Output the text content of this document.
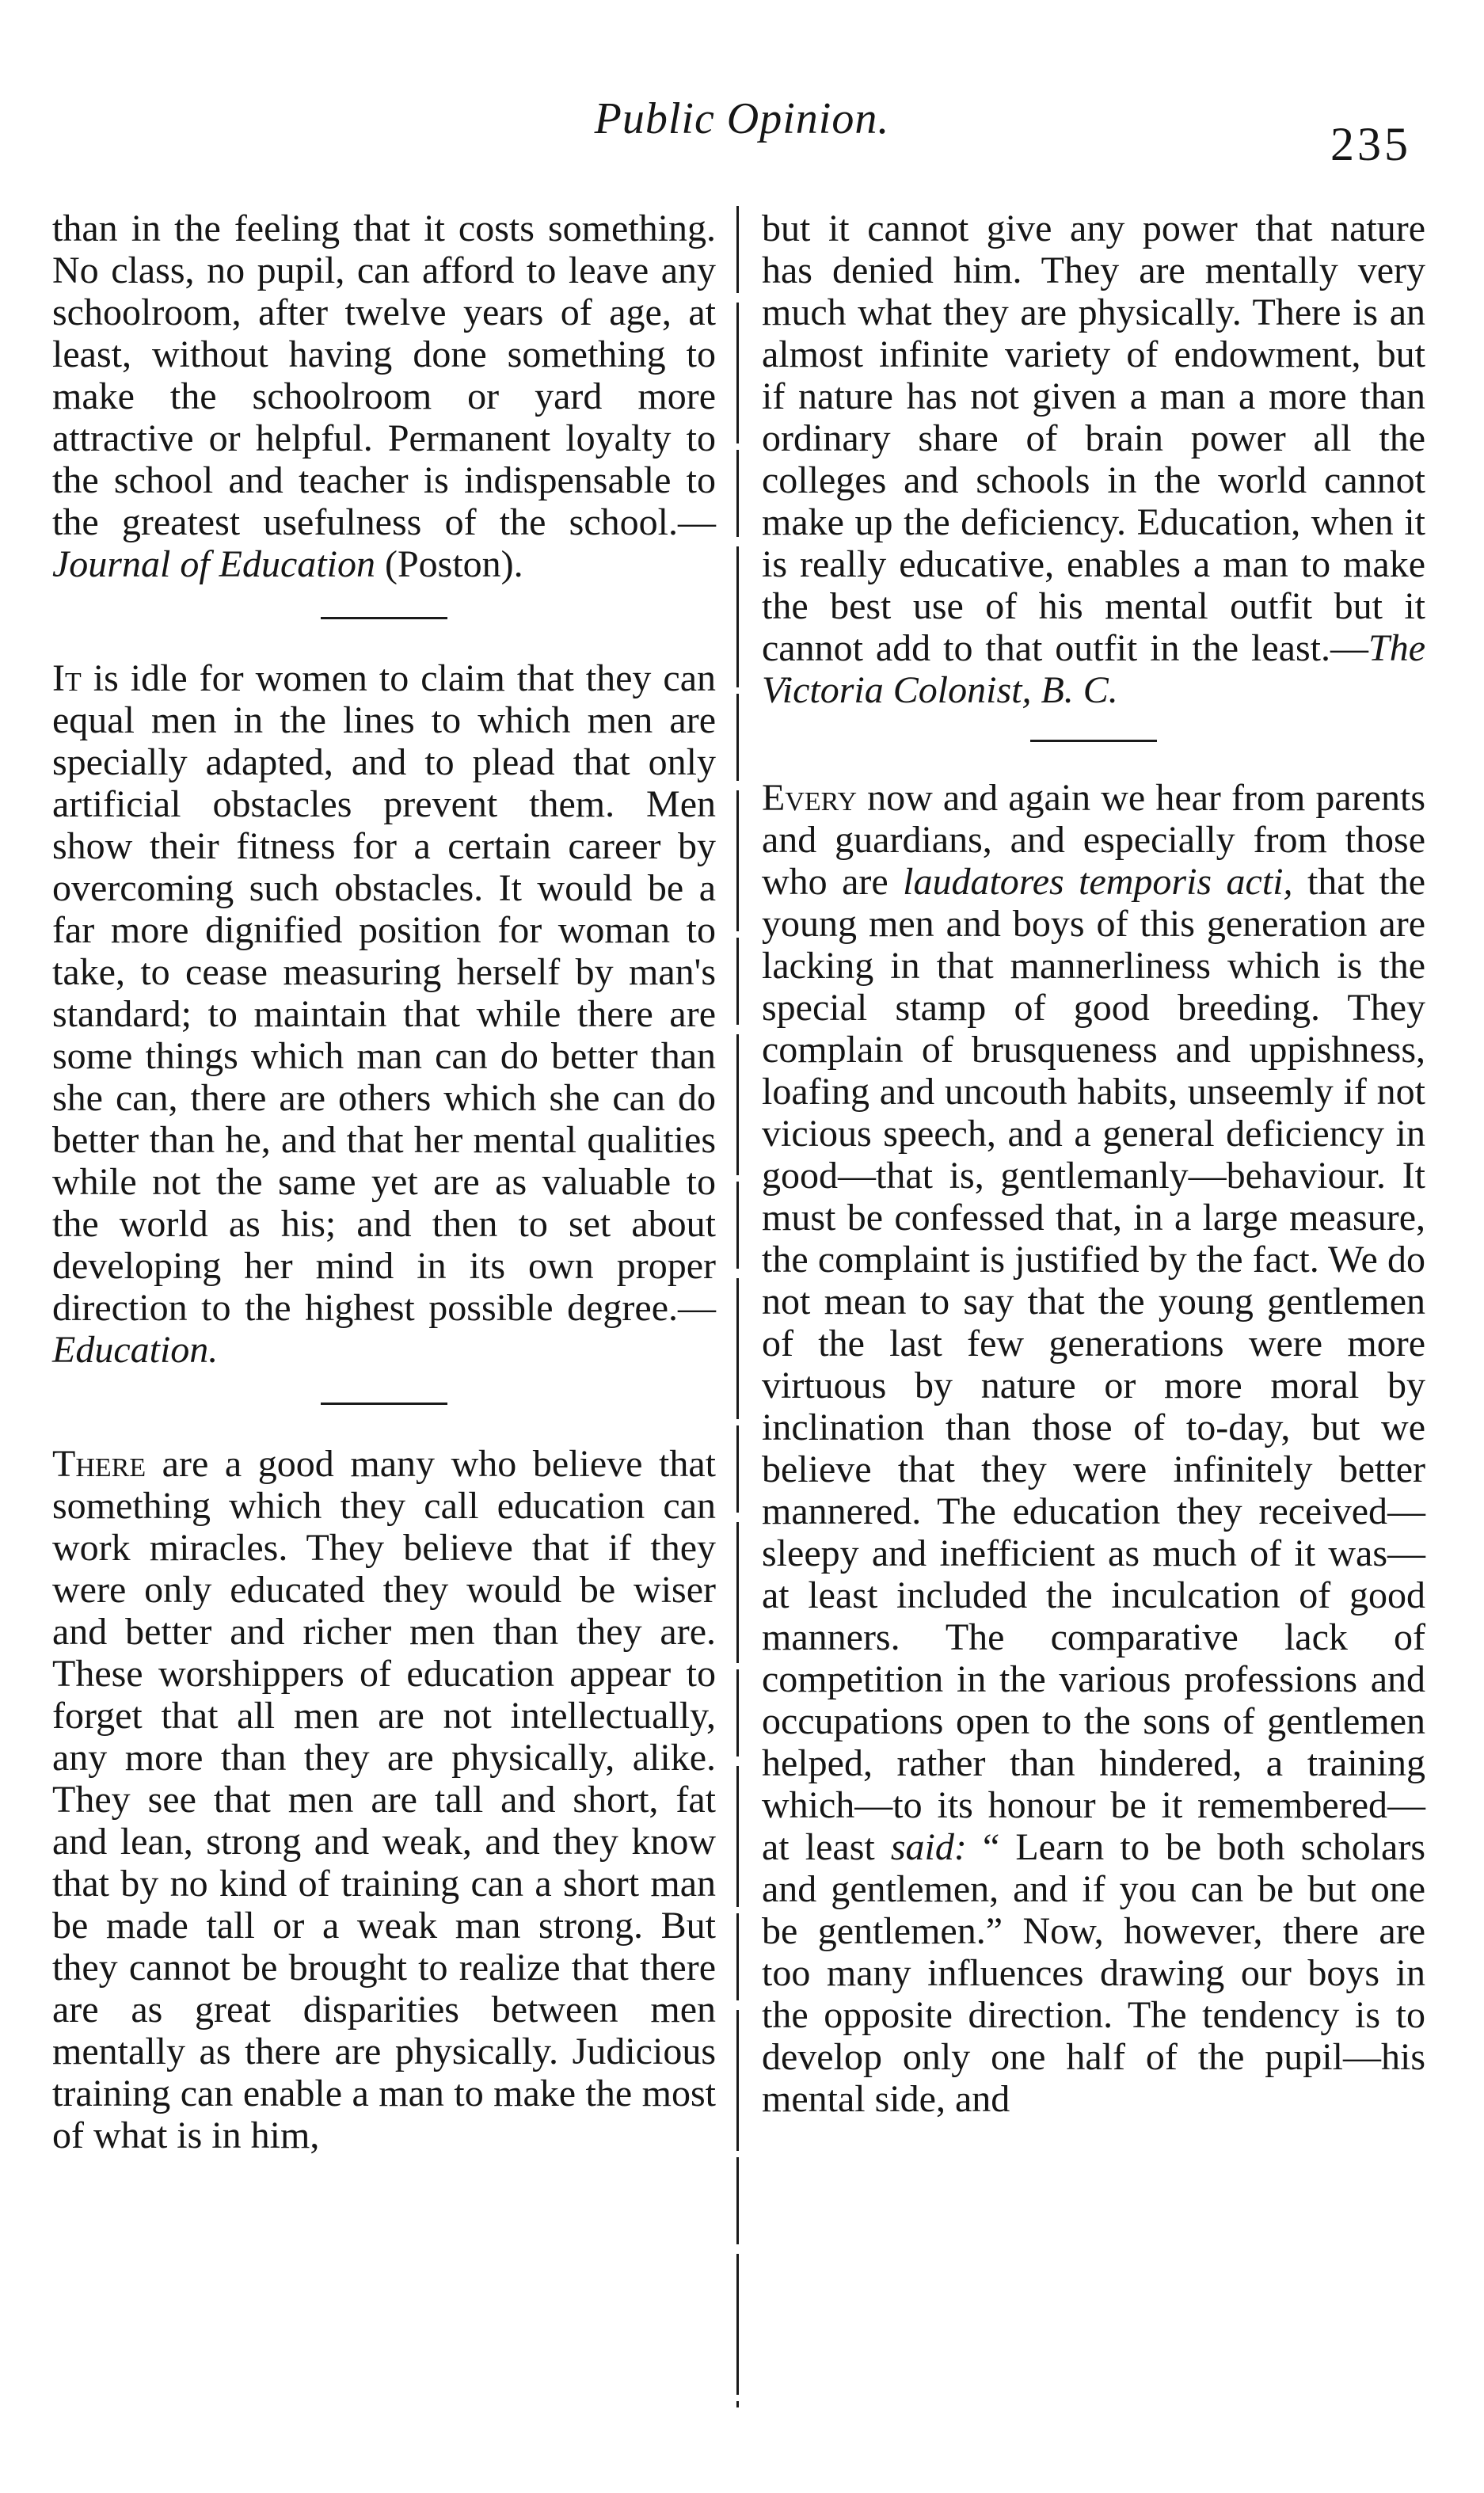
Public Opinion.	235

than in the feeling that it costs something. No class, no pupil, can afford to leave any schoolroom, after twelve years of age, at least, without having done something to make the schoolroom or yard more attractive or helpful. Permanent loyalty to the school and teacher is indispensable to the greatest usefulness of the school.—Journal of Education (Poston).

It is idle for women to claim that they can equal men in the lines to which men are specially adapted, and to plead that only artificial obstacles prevent them. Men show their fitness for a certain career by overcoming such obstacles. It would be a far more dignified position for woman to take, to cease measuring herself by man's standard; to maintain that while there are some things which man can do better than she can, there are others which she can do better than he, and that her mental qualities while not the same yet are as valuable to the world as his; and then to set about developing her mind in its own proper direction to the highest possible degree.—Education.

There are a good many who believe that something which they call education can work miracles. They believe that if they were only educated they would be wiser and better and richer men than they are. These worshippers of education appear to forget that all men are not intellectually, any more than they are physically, alike. They see that men are tall and short, fat and lean, strong and weak, and they know that by no kind of training can a short man be made tall or a weak man strong. But they cannot be brought to realize that there are as great disparities between men mentally as there are physically. Judicious training can enable a man to make the most of what is in him,

but it cannot give any power that nature has denied him. They are mentally very much what they are physically. There is an almost infinite variety of endowment, but if nature has not given a man a more than ordinary share of brain power all the colleges and schools in the world cannot make up the deficiency. Education, when it is really educative, enables a man to make the best use of his mental outfit but it cannot add to that outfit in the least.—The Victoria Colonist, B. C.

Every now and again we hear from parents and guardians, and especially from those who are laudatores temporis acti, that the young men and boys of this generation are lacking in that mannerliness which is the special stamp of good breeding. They complain of brusqueness and uppishness, loafing and uncouth habits, unseemly if not vicious speech, and a general deficiency in good—that is, gentlemanly—behaviour. It must be confessed that, in a large measure, the complaint is justified by the fact. We do not mean to say that the young gentlemen of the last few generations were more virtuous by nature or more moral by inclination than those of to-day, but we believe that they were infinitely better mannered. The education they received—sleepy and inefficient as much of it was—at least included the inculcation of good manners. The comparative lack of competition in the various professions and occupations open to the sons of gentlemen helped, rather than hindered, a training which—to its honour be it remembered—at least said: “ Learn to be both scholars and gentlemen, and if you can be but one be gentlemen.” Now, however, there are too many influences drawing our boys in the opposite direction. The tendency is to develop only one half of the pupil—his mental side, and
